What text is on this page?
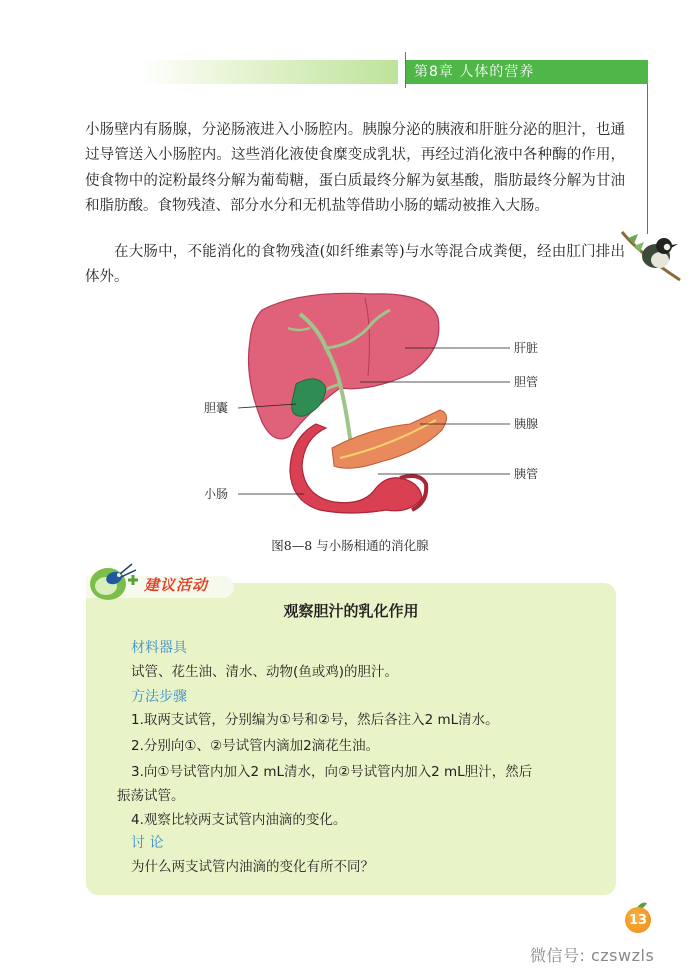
第8章 人体的营养
小肠壁内有肠腺，分泌肠液进入小肠腔内。胰腺分泌的胰液和肝脏分泌的胆汁，也通过导管送入小肠腔内。这些消化液使食糜变成乳状，再经过消化液中各种酶的作用，使食物中的淀粉最终分解为葡萄糖，蛋白质最终分解为氨基酸，脂肪最终分解为甘油和脂肪酸。食物残渣、部分水分和无机盐等借助小肠的蠕动被推入大肠。
在大肠中，不能消化的食物残渣(如纤维素等)与水等混合成粪便，经由肛门排出体外。
肝脏
胆管
胆囊
胰腺
胰管
小肠
图8—8 与小肠相通的消化腺
建议活动
观察胆汁的乳化作用
材料器具
试管、花生油、清水、动物(鱼或鸡)的胆汁。
方法步骤
1.取两支试管，分别编为①号和②号，然后各注入2 mL清水。
2.分别向①、②号试管内滴加2滴花生油。
3.向①号试管内加入2 mL清水，向②号试管内加入2 mL胆汁，然后
振荡试管。
4.观察比较两支试管内油滴的变化。
讨 论
为什么两支试管内油滴的变化有所不同？
13
微信号: czswzls
